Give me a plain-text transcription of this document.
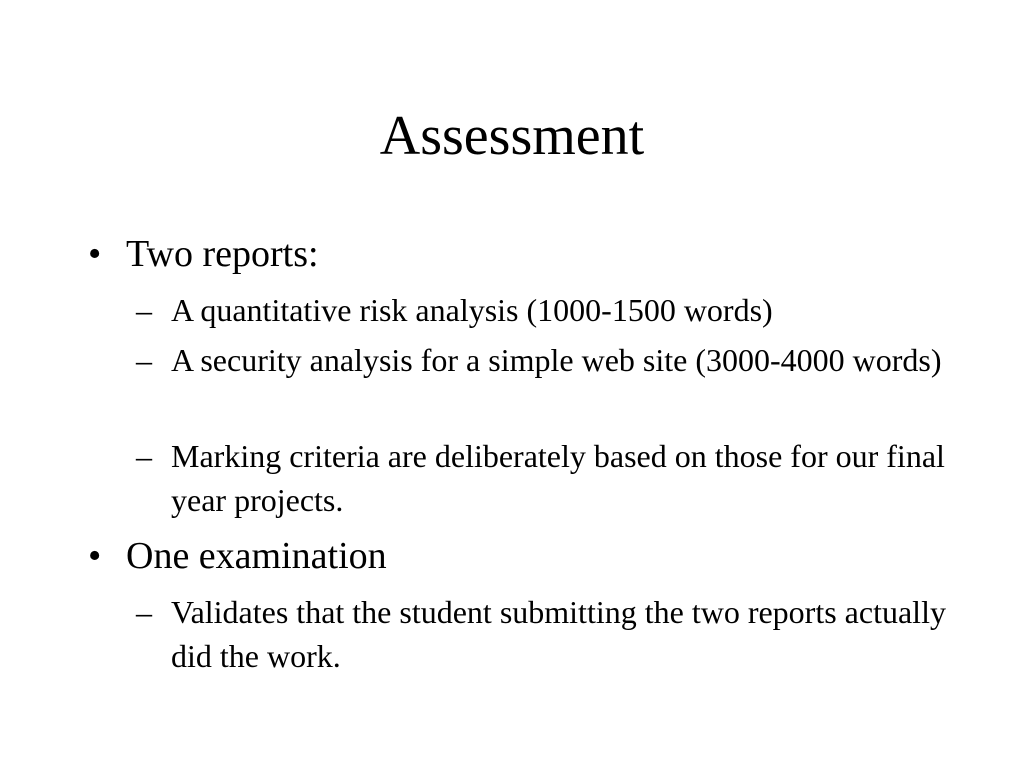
Assessment
• Two reports:
– A quantitative risk analysis (1000-1500 words)
– A security analysis for a simple web site (3000-4000 words)
– Marking criteria are deliberately based on those for our final year projects.
• One examination
– Validates that the student submitting the two reports actually did the work.
